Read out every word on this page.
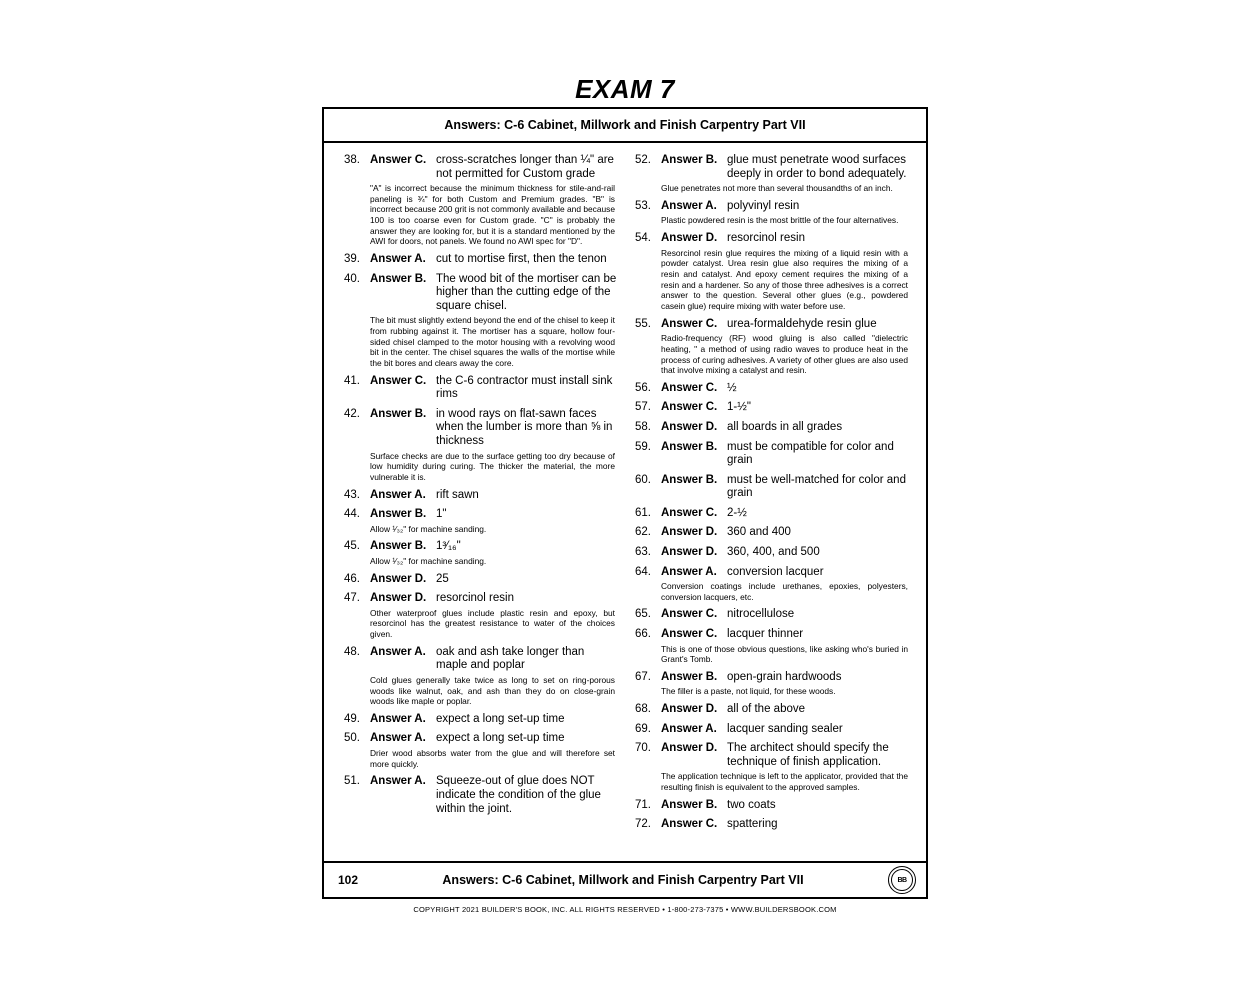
EXAM 7
Answers: C-6 Cabinet, Millwork and Finish Carpentry Part VII
38. Answer C. cross-scratches longer than ¼" are not permitted for Custom grade
"A" is incorrect because the minimum thickness for stile-and-rail paneling is ¾" for both Custom and Premium grades. "B" is incorrect because 200 grit is not commonly available and because 100 is too coarse even for Custom grade. "C" is probably the answer they are looking for, but it is a standard mentioned by the AWI for doors, not panels. We found no AWI spec for "D".
39. Answer A. cut to mortise first, then the tenon
40. Answer B. The wood bit of the mortiser can be higher than the cutting edge of the square chisel.
The bit must slightly extend beyond the end of the chisel to keep it from rubbing against it. The mortiser has a square, hollow four-sided chisel clamped to the motor housing with a revolving wood bit in the center. The chisel squares the walls of the mortise while the bit bores and clears away the core.
41. Answer C. the C-6 contractor must install sink rims
42. Answer B. in wood rays on flat-sawn faces when the lumber is more than ⅝ in thickness
Surface checks are due to the surface getting too dry because of low humidity during curing. The thicker the material, the more vulnerable it is.
43. Answer A. rift sawn
44. Answer B. 1"
Allow ¹⁄₃₂" for machine sanding.
45. Answer B. 1³⁄₁₆"
Allow ¹⁄₃₂" for machine sanding.
46. Answer D. 25
47. Answer D. resorcinol resin
Other waterproof glues include plastic resin and epoxy, but resorcinol has the greatest resistance to water of the choices given.
48. Answer A. oak and ash take longer than maple and poplar
Cold glues generally take twice as long to set on ring-porous woods like walnut, oak, and ash than they do on close-grain woods like maple or poplar.
49. Answer A. expect a long set-up time
50. Answer A. expect a long set-up time
Drier wood absorbs water from the glue and will therefore set more quickly.
51. Answer A. Squeeze-out of glue does NOT indicate the condition of the glue within the joint.
52. Answer B. glue must penetrate wood surfaces deeply in order to bond adequately.
Glue penetrates not more than several thousandths of an inch.
53. Answer A. polyvinyl resin
Plastic powdered resin is the most brittle of the four alternatives.
54. Answer D. resorcinol resin
Resorcinol resin glue requires the mixing of a liquid resin with a powder catalyst. Urea resin glue also requires the mixing of a resin and catalyst. And epoxy cement requires the mixing of a resin and a hardener. So any of those three adhesives is a correct answer to the question. Several other glues (e.g., powdered casein glue) require mixing with water before use.
55. Answer C. urea-formaldehyde resin glue
Radio-frequency (RF) wood gluing is also called "dielectric heating, " a method of using radio waves to produce heat in the process of curing adhesives. A variety of other glues are also used that involve mixing a catalyst and resin.
56. Answer C. ½
57. Answer C. 1-½"
58. Answer D. all boards in all grades
59. Answer B. must be compatible for color and grain
60. Answer B. must be well-matched for color and grain
61. Answer C. 2-½
62. Answer D. 360 and 400
63. Answer D. 360, 400, and 500
64. Answer A. conversion lacquer
Conversion coatings include urethanes, epoxies, polyesters, conversion lacquers, etc.
65. Answer C. nitrocellulose
66. Answer C. lacquer thinner
This is one of those obvious questions, like asking who's buried in Grant's Tomb.
67. Answer B. open-grain hardwoods
The filler is a paste, not liquid, for these woods.
68. Answer D. all of the above
69. Answer A. lacquer sanding sealer
70. Answer D. The architect should specify the technique of finish application.
The application technique is left to the applicator, provided that the resulting finish is equivalent to the approved samples.
71. Answer B. two coats
72. Answer C. spattering
102	Answers: C-6 Cabinet, Millwork and Finish Carpentry Part VII	BB
COPYRIGHT 2021 BUILDER'S BOOK, INC. ALL RIGHTS RESERVED • 1-800-273-7375 • WWW.BUILDERSBOOK.COM
